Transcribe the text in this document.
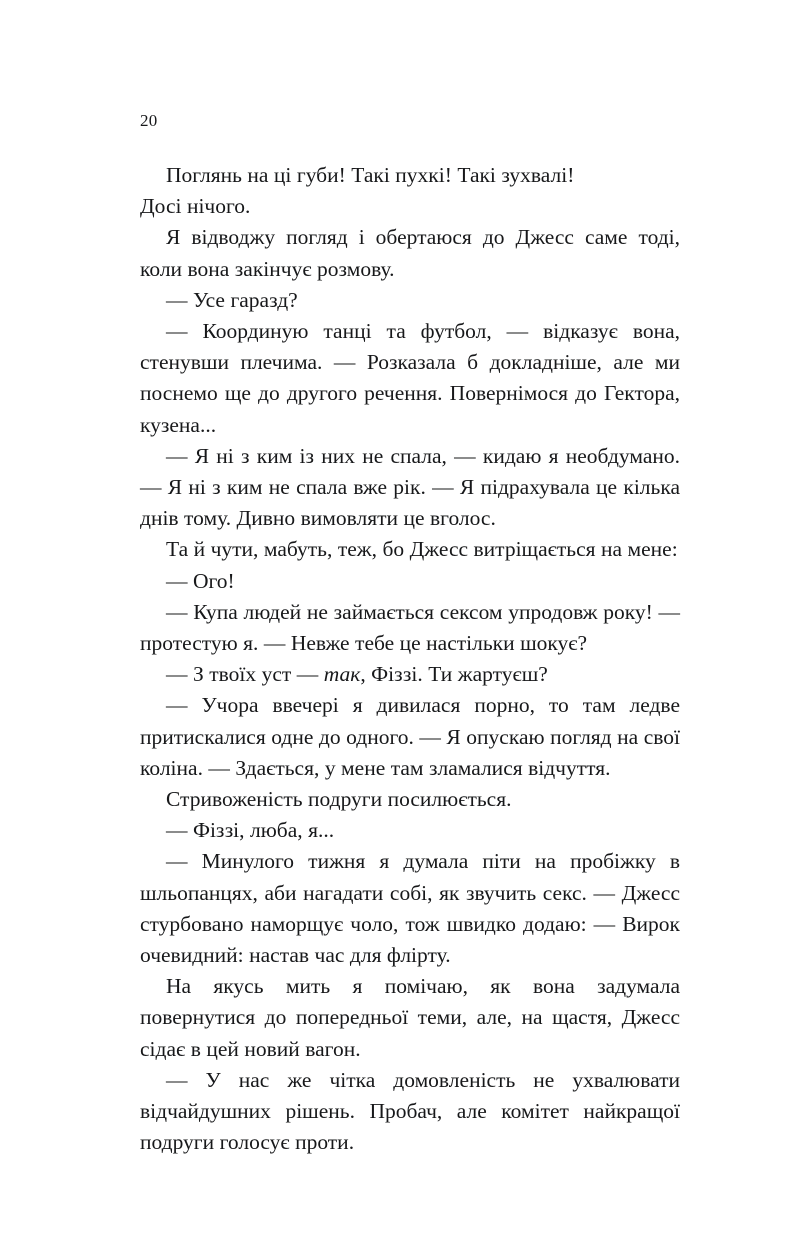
20

Поглянь на ці губи! Такі пухкі! Такі зухвалі!

Досі нічого.

Я відводжу погляд і обертаюся до Джесс саме тоді, коли вона закінчує розмову.

— Усе гаразд?

— Координую танці та футбол, — відказує вона, стенувши плечима. — Розказала б докладніше, але ми поснемо ще до другого речення. Повернімося до Гектора, кузена...

— Я ні з ким із них не спала, — кидаю я необдумано. — Я ні з ким не спала вже рік. — Я підрахувала це кілька днів тому. Дивно вимовляти це вголос.

Та й чути, мабуть, теж, бо Джесс витріщається на мене:

— Ого!

— Купа людей не займається сексом упродовж року! — протестую я. — Невже тебе це настільки шокує?

— З твоїх уст — так, Фіззі. Ти жартуєш?

— Учора ввечері я дивилася порно, то там ледве притискалися одне до одного. — Я опускаю погляд на свої коліна. — Здається, у мене там зламалися відчуття.

Стривоженість подруги посилюється.

— Фіззі, люба, я...

— Минулого тижня я думала піти на пробіжку в шльопанцях, аби нагадати собі, як звучить секс. — Джесс стурбовано наморщує чоло, тож швидко додаю: — Вирок очевидний: настав час для флірту.

На якусь мить я помічаю, як вона задумала повернутися до попередньої теми, але, на щастя, Джесс сідає в цей новий вагон.

— У нас же чітка домовленість не ухвалювати відчайдушних рішень. Пробач, але комітет найкращої подруги голосує проти.
